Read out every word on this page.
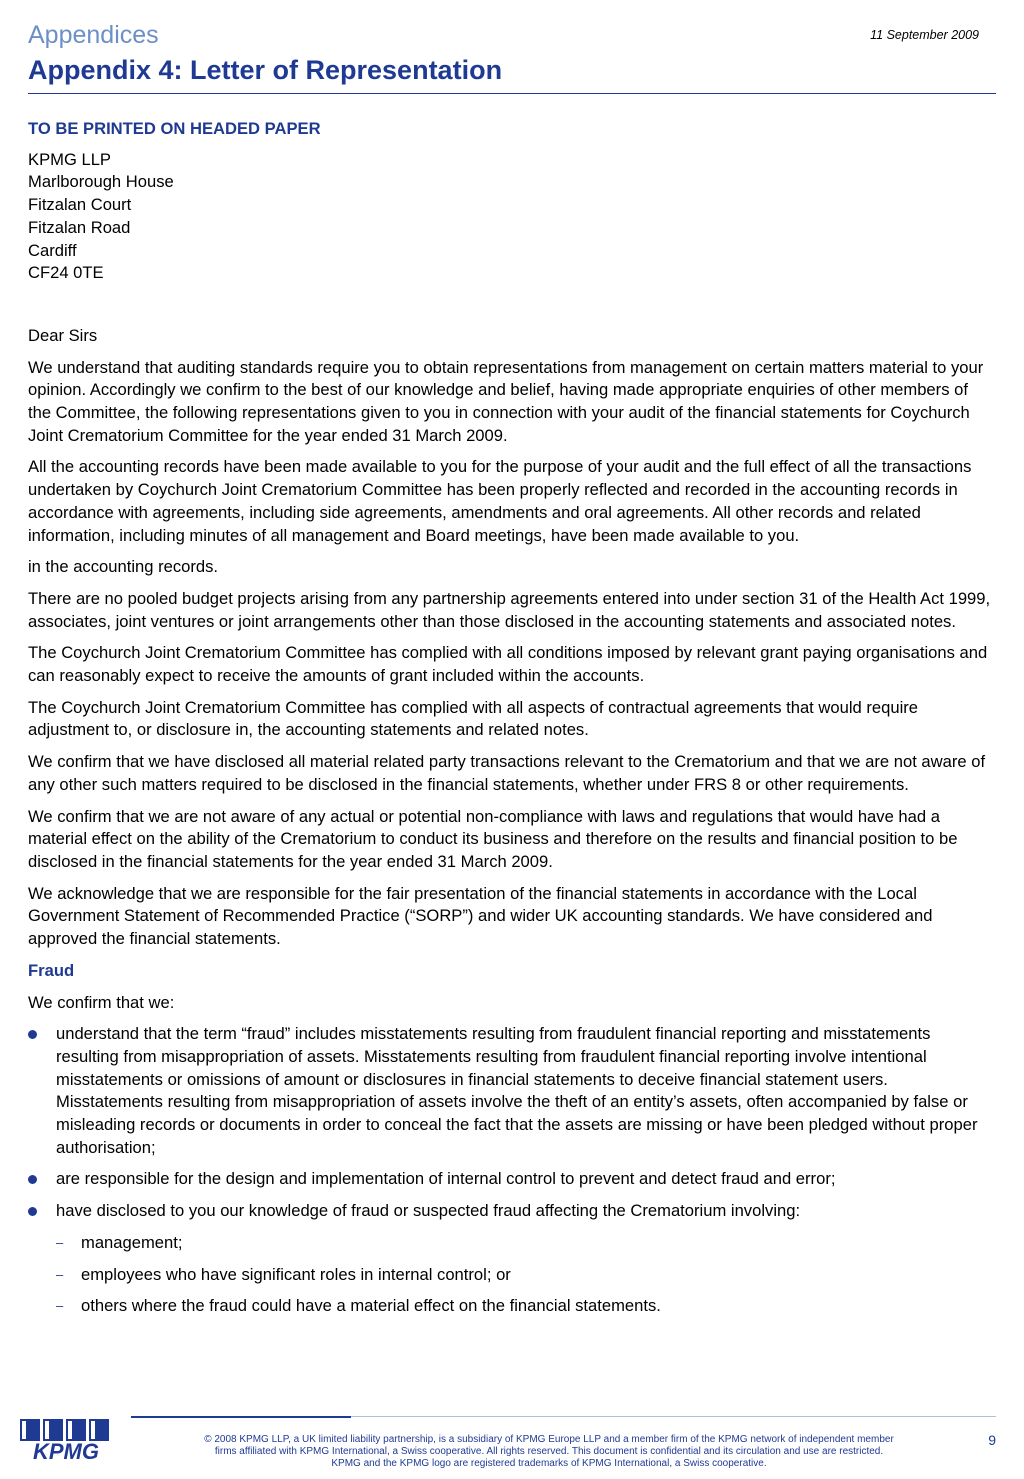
Appendices	11 September 2009
Appendix 4: Letter of Representation
TO BE PRINTED ON HEADED PAPER
KPMG LLP
Marlborough House
Fitzalan Court
Fitzalan Road
Cardiff
CF24 0TE
Dear Sirs

We understand that auditing standards require you to obtain representations from management on certain matters material to your opinion. Accordingly we confirm to the best of our knowledge and belief, having made appropriate enquiries of other members of the Committee, the following representations given to you in connection with your audit of the financial statements for Coychurch Joint Crematorium Committee for the year ended 31 March 2009.

All the accounting records have been made available to you for the purpose of your audit and the full effect of all the transactions undertaken by Coychurch Joint Crematorium Committee has been properly reflected and recorded in the accounting records in accordance with agreements, including side agreements, amendments and oral agreements. All other records and related information, including minutes of all management and Board meetings, have been made available to you.

in the accounting records.

There are no pooled budget projects arising from any partnership agreements entered into under section 31 of the Health Act 1999, associates, joint ventures or joint arrangements other than those disclosed in the accounting statements and associated notes.

The Coychurch Joint Crematorium Committee has complied with all conditions imposed by relevant grant paying organisations and can reasonably expect to receive the amounts of grant included within the accounts.

The Coychurch Joint Crematorium Committee has complied with all aspects of contractual agreements that would require adjustment to, or disclosure in, the accounting statements and related notes.

We confirm that we have disclosed all material related party transactions relevant to the Crematorium and that we are not aware of any other such matters required to be disclosed in the financial statements, whether under FRS 8 or other requirements.

We confirm that we are not aware of any actual or potential non-compliance with laws and regulations that would have had a material effect on the ability of the Crematorium to conduct its business and therefore on the results and financial position to be disclosed in the financial statements for the year ended 31 March 2009.

We acknowledge that we are responsible for the fair presentation of the financial statements in accordance with the Local Government Statement of Recommended Practice (“SORP”) and wider UK accounting standards. We have considered and approved the financial statements.

Fraud

We confirm that we:

understand that the term “fraud” includes misstatements resulting from fraudulent financial reporting and misstatements resulting from misappropriation of assets. Misstatements resulting from fraudulent financial reporting involve intentional misstatements or omissions of amount or disclosures in financial statements to deceive financial statement users. Misstatements resulting from misappropriation of assets involve the theft of an entity’s assets, often accompanied by false or misleading records or documents in order to conceal the fact that the assets are missing or have been pledged without proper authorisation;
are responsible for the design and implementation of internal control to prevent and detect fraud and error;
have disclosed to you our knowledge of fraud or suspected fraud affecting the Crematorium involving:
– management;
– employees who have significant roles in internal control; or
– others where the fraud could have a material effect on the financial statements.
KPMG	© 2008 KPMG LLP, a UK limited liability partnership, is a subsidiary of KPMG Europe LLP and a member firm of the KPMG network of independent member
firms affiliated with KPMG International, a Swiss cooperative. All rights reserved. This document is confidential and its circulation and use are restricted.
KPMG and the KPMG logo are registered trademarks of KPMG International, a Swiss cooperative.
9
